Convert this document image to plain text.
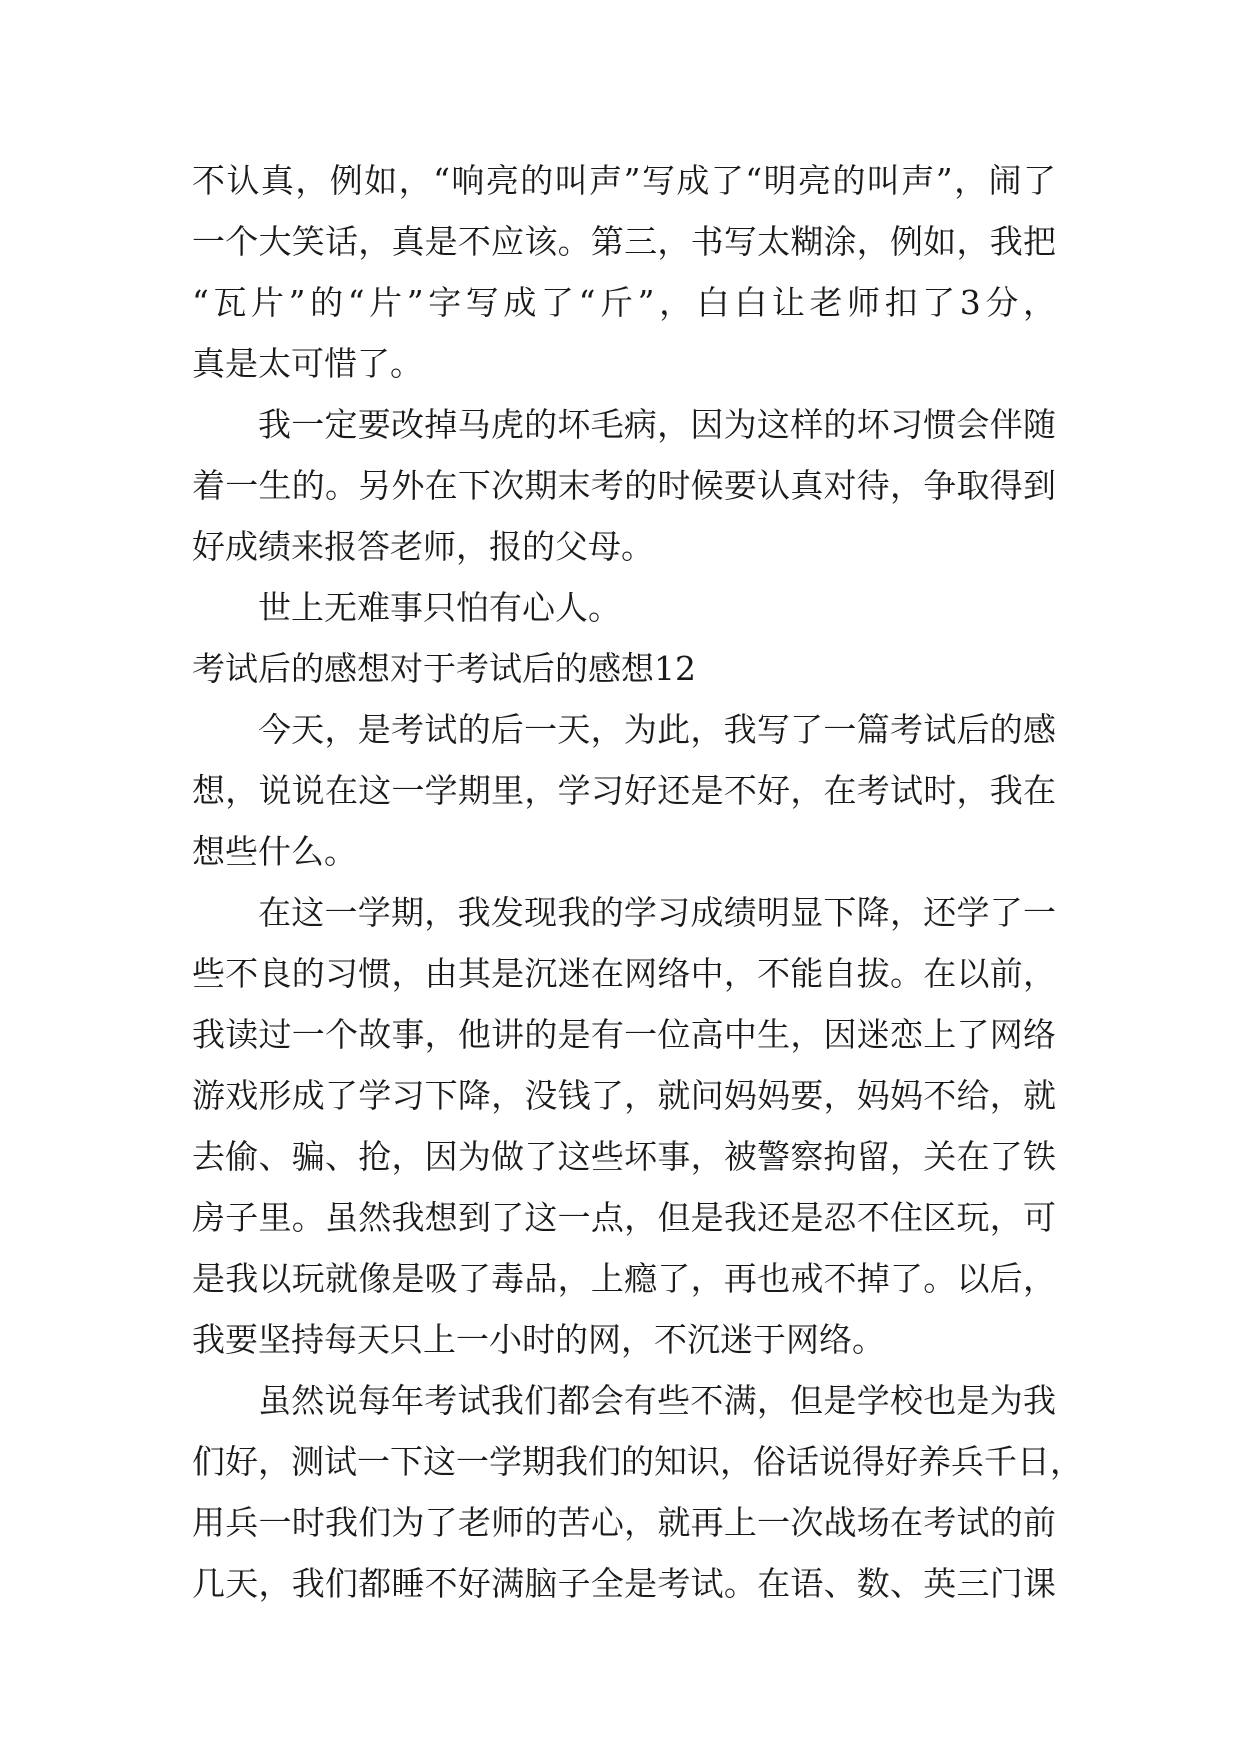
不认真，例如，“响亮的叫声”写成了“明亮的叫声”，闹了
一个大笑话，真是不应该。第三，书写太糊涂，例如，我把
“瓦片”的“片”字写成了“斤”，白白让老师扣了3分，
真是太可惜了。
我一定要改掉马虎的坏毛病，因为这样的坏习惯会伴随
着一生的。另外在下次期末考的时候要认真对待，争取得到
好成绩来报答老师，报的父母。
世上无难事只怕有心人。
考试后的感想对于考试后的感想12
今天，是考试的后一天，为此，我写了一篇考试后的感
想，说说在这一学期里，学习好还是不好，在考试时，我在
想些什么。
在这一学期，我发现我的学习成绩明显下降，还学了一
些不良的习惯，由其是沉迷在网络中，不能自拔。在以前，
我读过一个故事，他讲的是有一位高中生，因迷恋上了网络
游戏形成了学习下降，没钱了，就问妈妈要，妈妈不给，就
去偷、骗、抢，因为做了这些坏事，被警察拘留，关在了铁
房子里。虽然我想到了这一点，但是我还是忍不住区玩，可
是我以玩就像是吸了毒品，上瘾了，再也戒不掉了。以后，
我要坚持每天只上一小时的网，不沉迷于网络。
虽然说每年考试我们都会有些不满，但是学校也是为我
们好，测试一下这一学期我们的知识，俗话说得好养兵千日，
用兵一时我们为了老师的苦心，就再上一次战场在考试的前
几天，我们都睡不好满脑子全是考试。在语、数、英三门课
